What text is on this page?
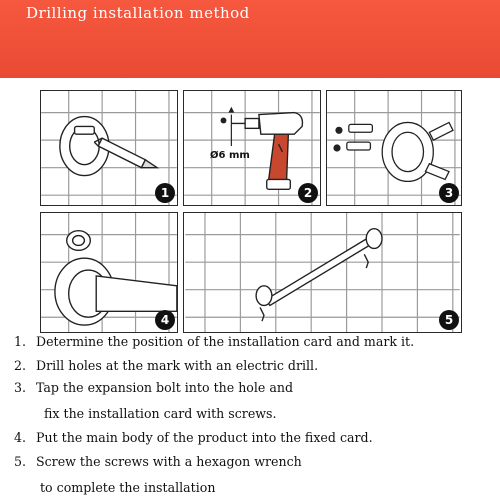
Drilling installation method
1
Ø6 mm
2	3
4	5
1. Determine the position of the installation card and mark it.
2. Drill holes at the mark with an electric drill.
3. Tap the expansion bolt into the hole and
fix the installation card with screws.
4. Put the main body of the product into the fixed card.
5. Screw the screws with a hexagon wrench
to complete the installation
